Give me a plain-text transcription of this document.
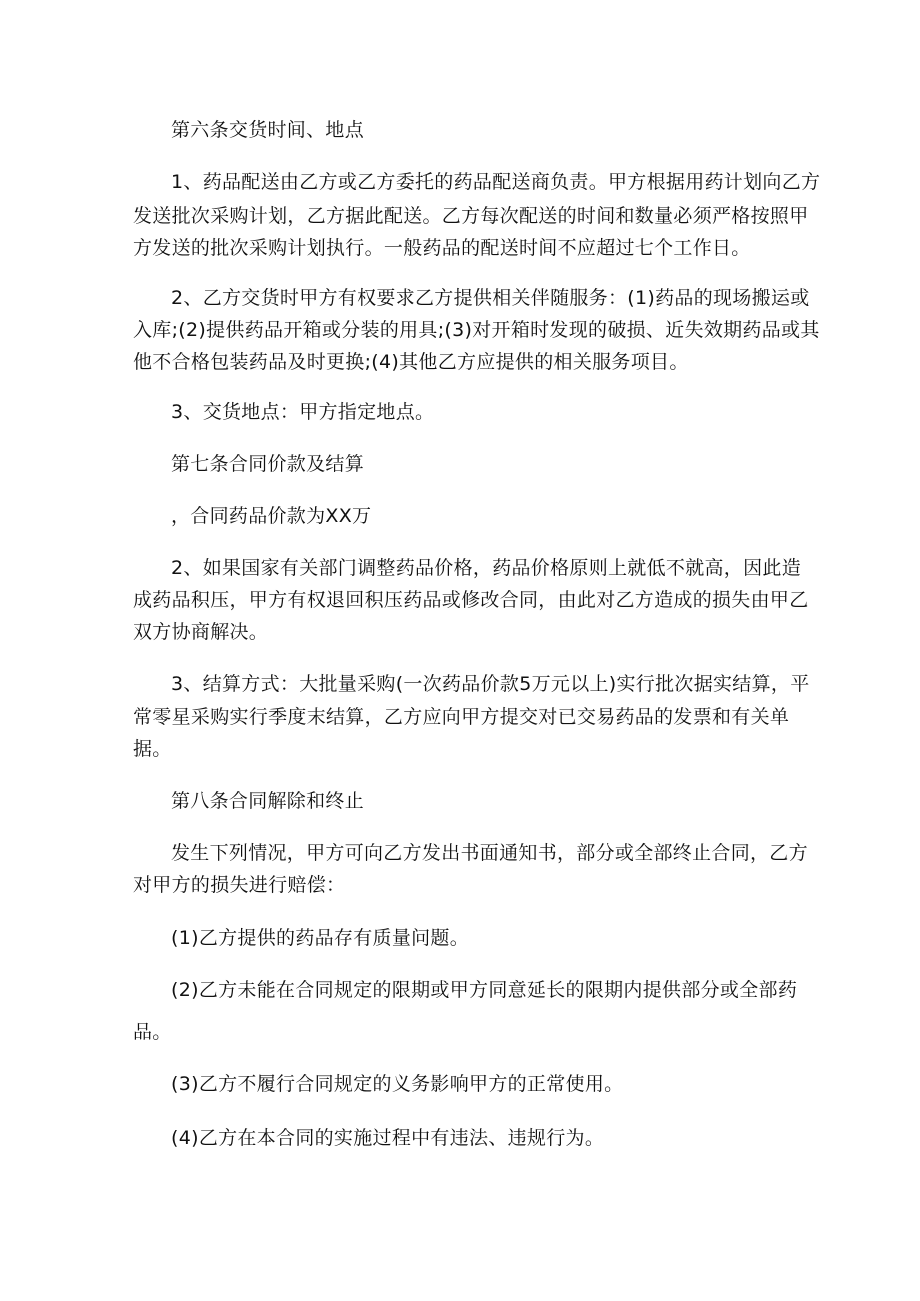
第六条交货时间、地点
1、药品配送由乙方或乙方委托的药品配送商负责。甲方根据用药计划向乙方
发送批次采购计划，乙方据此配送。乙方每次配送的时间和数量必须严格按照甲
方发送的批次采购计划执行。一般药品的配送时间不应超过七个工作日。
2、乙方交货时甲方有权要求乙方提供相关伴随服务：(1)药品的现场搬运或
入库;(2)提供药品开箱或分装的用具;(3)对开箱时发现的破损、近失效期药品或其
他不合格包装药品及时更换;(4)其他乙方应提供的相关服务项目。
3、交货地点：甲方指定地点。
第七条合同价款及结算
，合同药品价款为XX万
2、如果国家有关部门调整药品价格，药品价格原则上就低不就高，因此造
成药品积压，甲方有权退回积压药品或修改合同，由此对乙方造成的损失由甲乙
双方协商解决。
3、结算方式：大批量采购(一次药品价款5万元以上)实行批次据实结算，平
常零星采购实行季度末结算，乙方应向甲方提交对已交易药品的发票和有关单
据。
第八条合同解除和终止
发生下列情况，甲方可向乙方发出书面通知书，部分或全部终止合同，乙方
对甲方的损失进行赔偿：
(1)乙方提供的药品存有质量问题。
(2)乙方未能在合同规定的限期或甲方同意延长的限期内提供部分或全部药
品。
(3)乙方不履行合同规定的义务影响甲方的正常使用。
(4)乙方在本合同的实施过程中有违法、违规行为。
